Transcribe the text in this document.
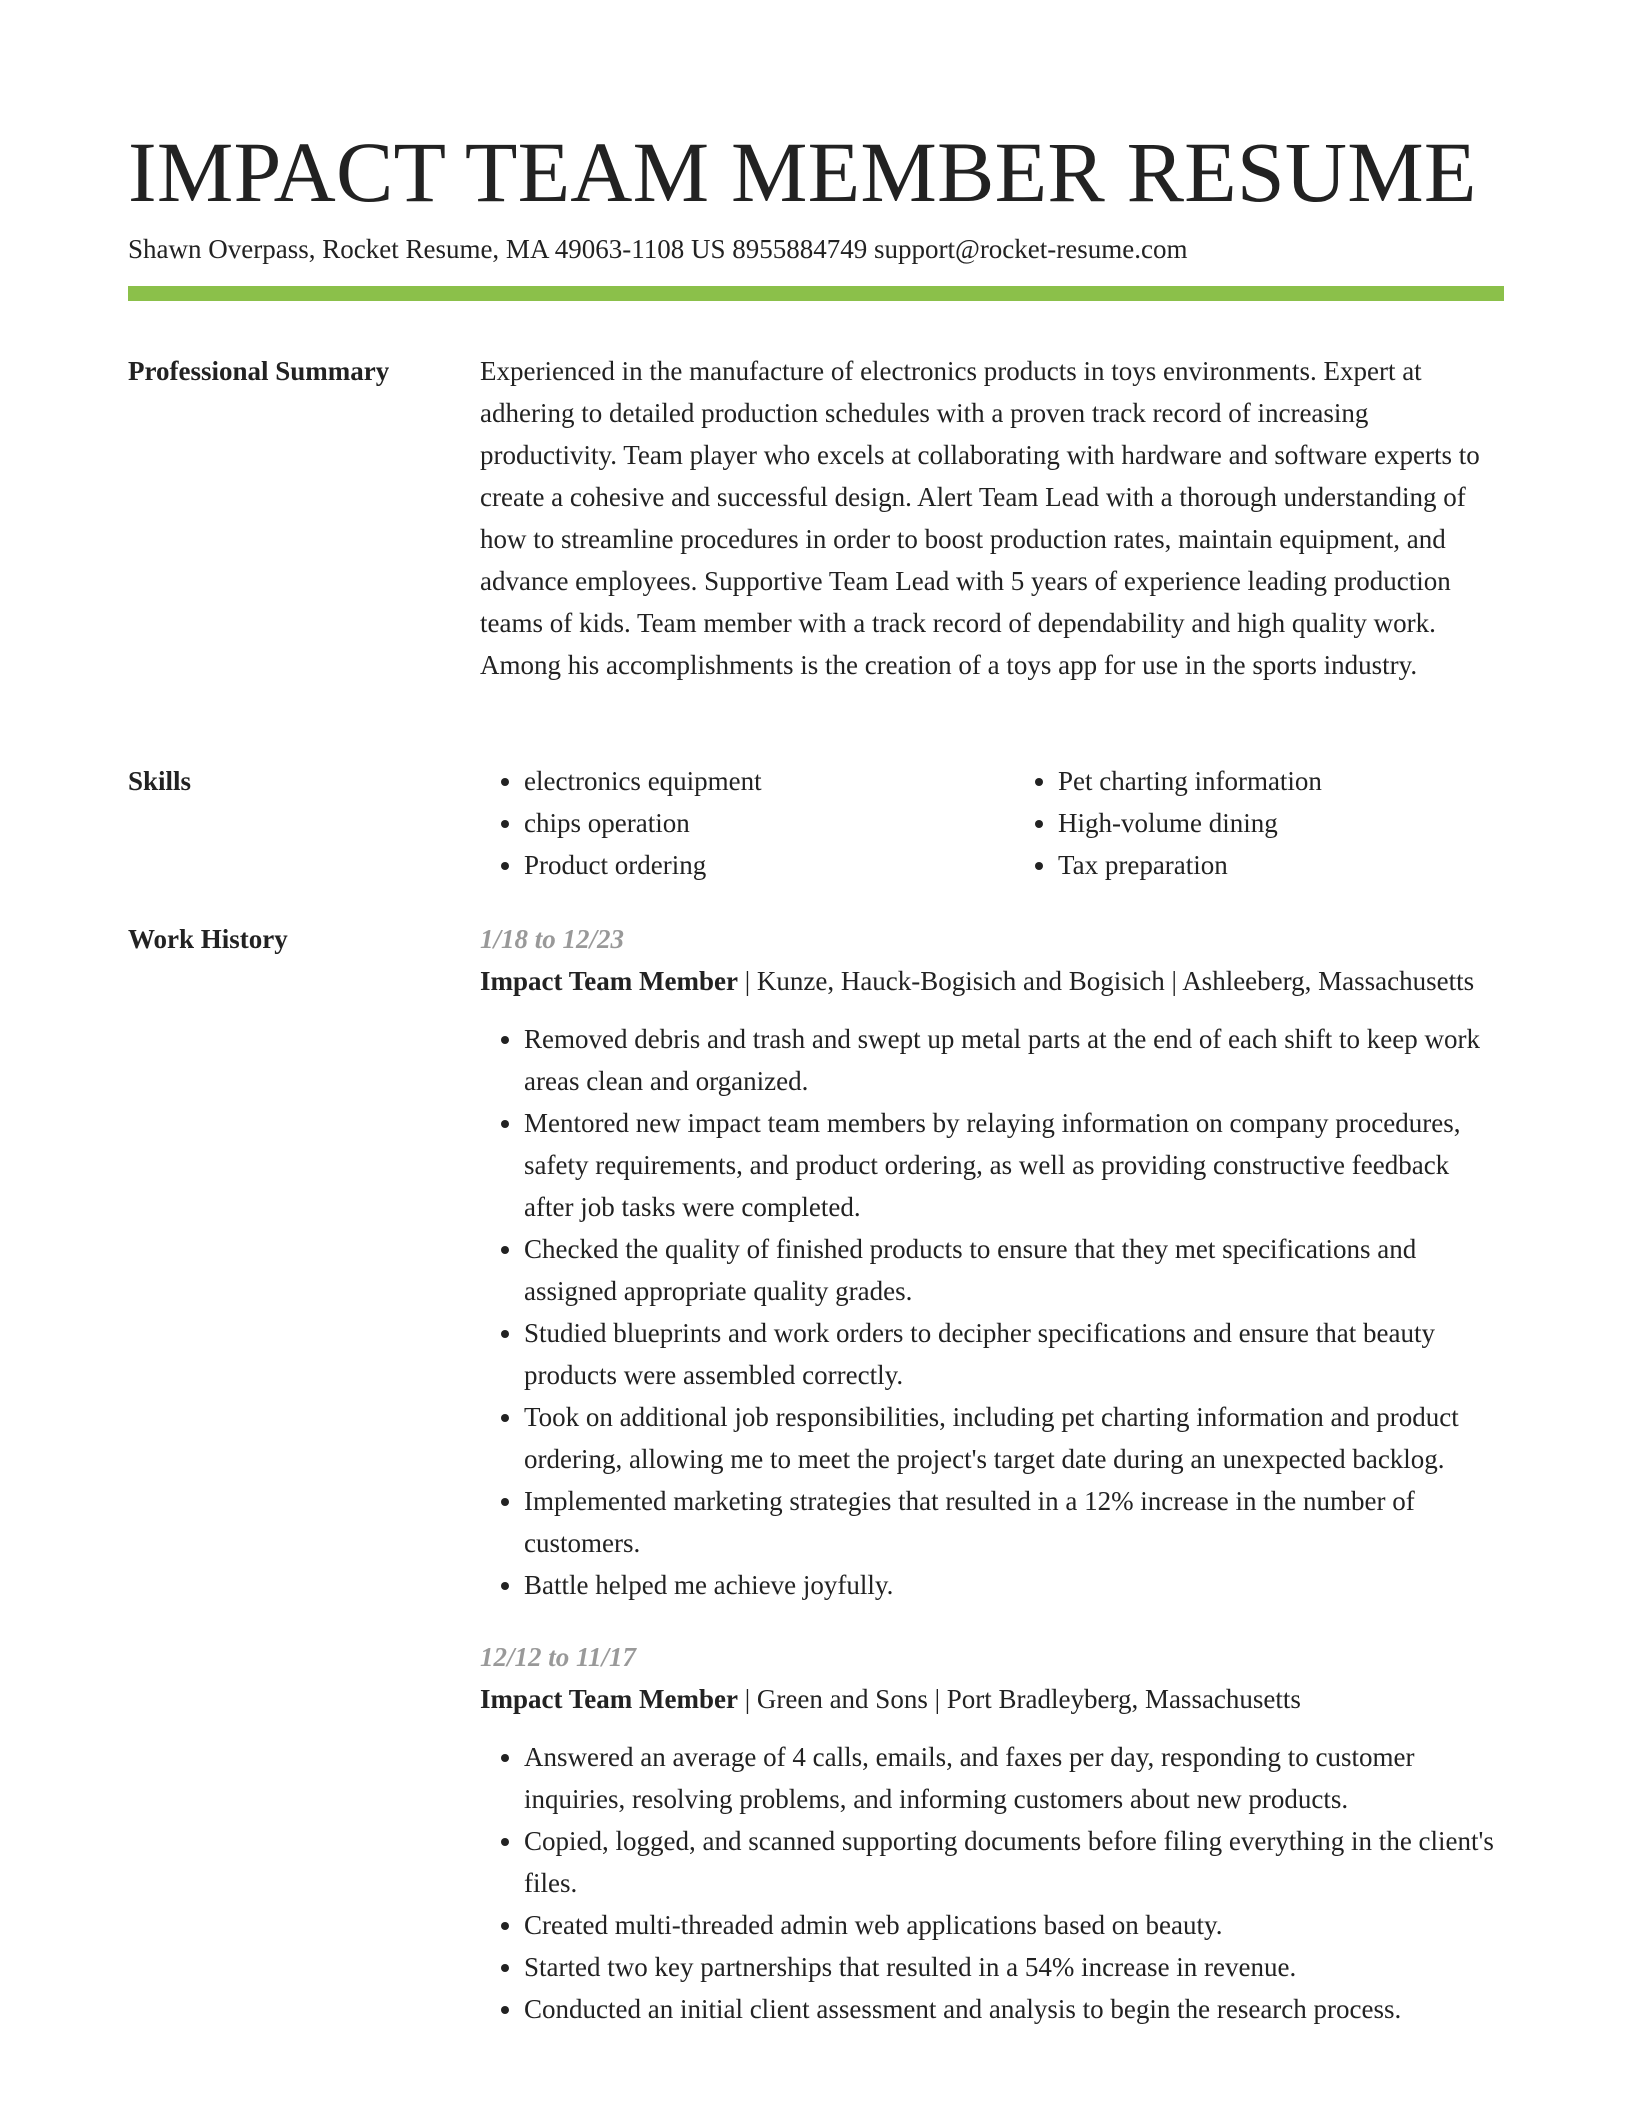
IMPACT TEAM MEMBER RESUME
Shawn Overpass, Rocket Resume, MA 49063-1108 US 8955884749 support@rocket-resume.com
Professional Summary	Experienced in the manufacture of electronics products in toys environments. Expert at adhering to detailed production schedules with a proven track record of increasing productivity. Team player who excels at collaborating with hardware and software experts to create a cohesive and successful design. Alert Team Lead with a thorough understanding of how to streamline procedures in order to boost production rates, maintain equipment, and advance employees. Supportive Team Lead with 5 years of experience leading production teams of kids. Team member with a track record of dependability and high quality work. Among his accomplishments is the creation of a toys app for use in the sports industry.

Skills
•	electronics equipment
• chips operation
• Product ordering
• Pet charting information
• High-volume dining
• Tax preparation
Work History	1/18 to 12/23

Impact Team Member | Kunze, Hauck-Bogisich and Bogisich | Ashleeberg, Massachusetts

• Removed debris and trash and swept up metal parts at the end of each shift to keep work areas clean and organized.
• Mentored new impact team members by relaying information on company procedures, safety requirements, and product ordering, as well as providing constructive feedback after job tasks were completed.
• Checked the quality of finished products to ensure that they met specifications and assigned appropriate quality grades.
• Studied blueprints and work orders to decipher specifications and ensure that beauty products were assembled correctly.
• Took on additional job responsibilities, including pet charting information and product ordering, allowing me to meet the project's target date during an unexpected backlog.
• Implemented marketing strategies that resulted in a 12% increase in the number of customers.
• Battle helped me achieve joyfully.

12/12 to 11/17

Impact Team Member | Green and Sons | Port Bradleyberg, Massachusetts

• Answered an average of 4 calls, emails, and faxes per day, responding to customer inquiries, resolving problems, and informing customers about new products.
• Copied, logged, and scanned supporting documents before filing everything in the client's files.
• Created multi-threaded admin web applications based on beauty.
• Started two key partnerships that resulted in a 54% increase in revenue.
• Conducted an initial client assessment and analysis to begin the research process.
